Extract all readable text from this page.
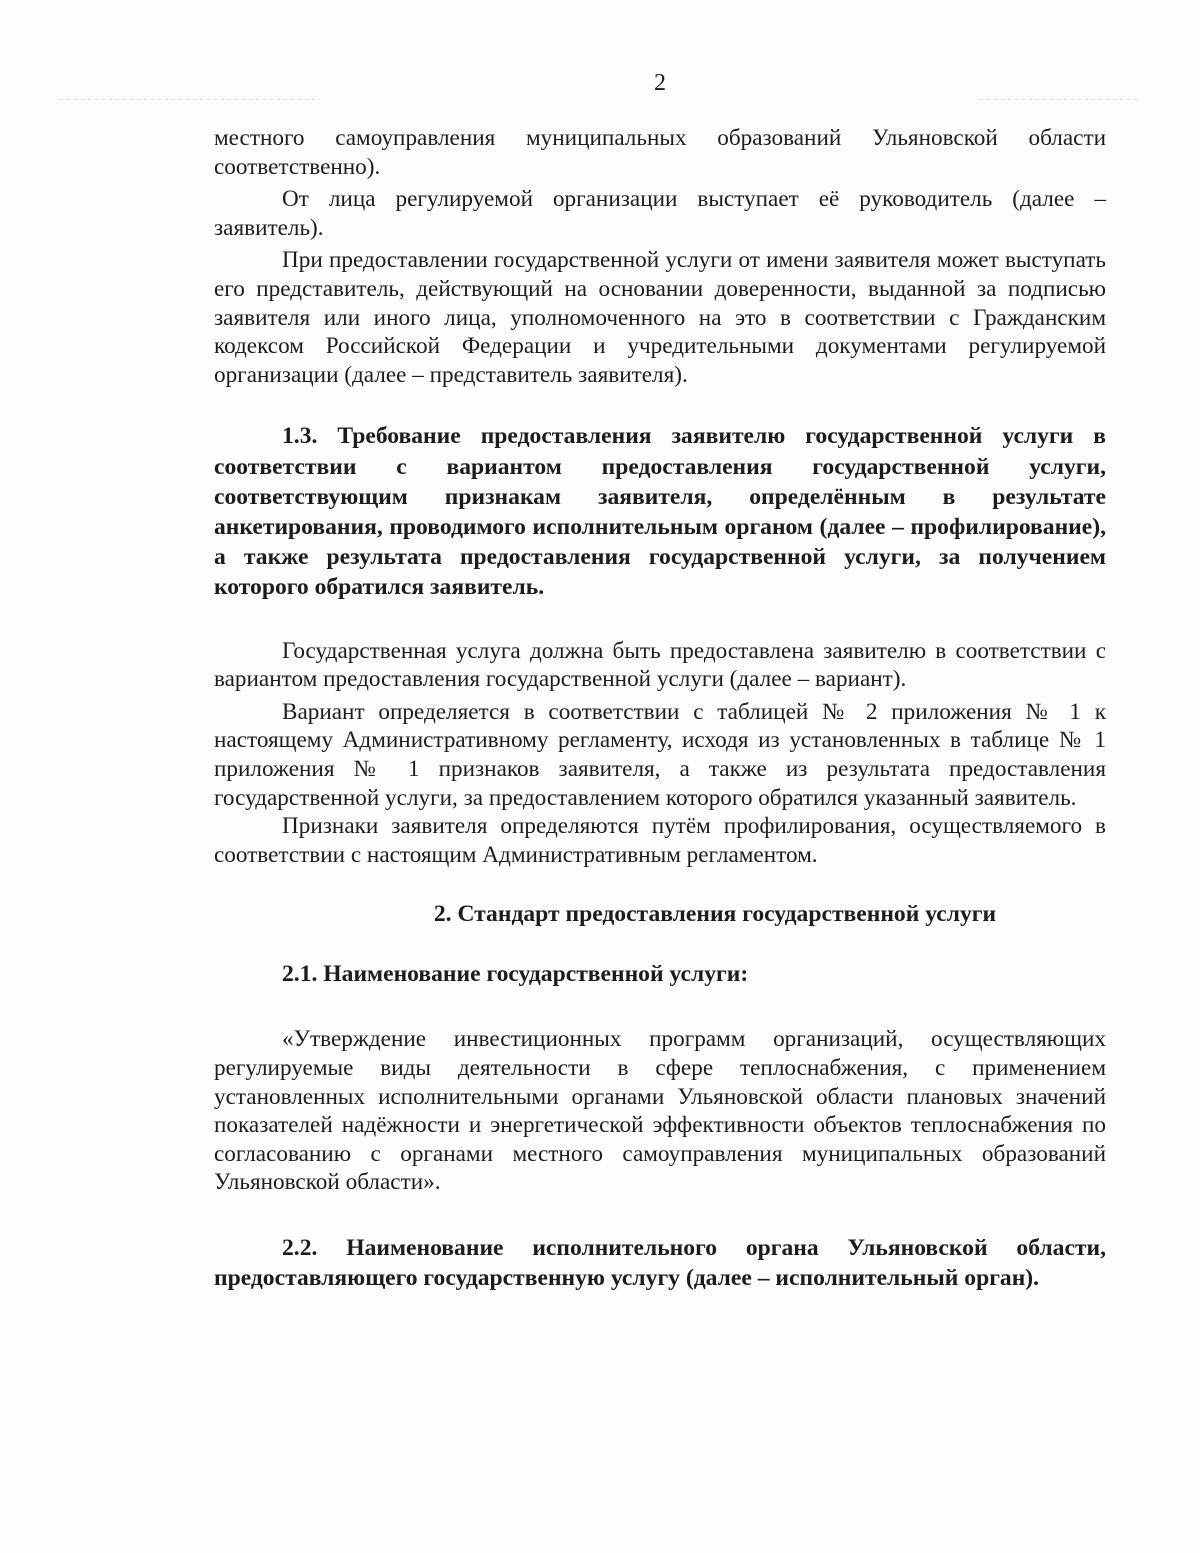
2

местного самоуправления муниципальных образований Ульяновской области соответственно).

От лица регулируемой организации выступает её руководитель (далее – заявитель).

При предоставлении государственной услуги от имени заявителя может выступать его представитель, действующий на основании доверенности, выданной за подписью заявителя или иного лица, уполномоченного на это в соответствии с Гражданским кодексом Российской Федерации и учредительными документами регулируемой организации (далее – представитель заявителя).

1.3. Требование предоставления заявителю государственной услуги в соответствии с вариантом предоставления государственной услуги, соответствующим признакам заявителя, определённым в результате анкетирования, проводимого исполнительным органом (далее – профилирование), а также результата предоставления государственной услуги, за получением которого обратился заявитель.

Государственная услуга должна быть предоставлена заявителю в соответствии с вариантом предоставления государственной услуги (далее – вариант).

Вариант определяется в соответствии с таблицей № 2 приложения № 1 к настоящему Административному регламенту, исходя из установленных в таблице № 1 приложения № 1 признаков заявителя, а также из результата предоставления государственной услуги, за предоставлением которого обратился указанный заявитель.

Признаки заявителя определяются путём профилирования, осуществляемого в соответствии с настоящим Административным регламентом.

2. Стандарт предоставления государственной услуги

2.1. Наименование государственной услуги:

«Утверждение инвестиционных программ организаций, осуществляющих регулируемые виды деятельности в сфере теплоснабжения, с применением установленных исполнительными органами Ульяновской области плановых значений показателей надёжности и энергетической эффективности объектов теплоснабжения по согласованию с органами местного самоуправления муниципальных образований Ульяновской области».

2.2. Наименование исполнительного органа Ульяновской области, предоставляющего государственную услугу (далее – исполнительный орган).
